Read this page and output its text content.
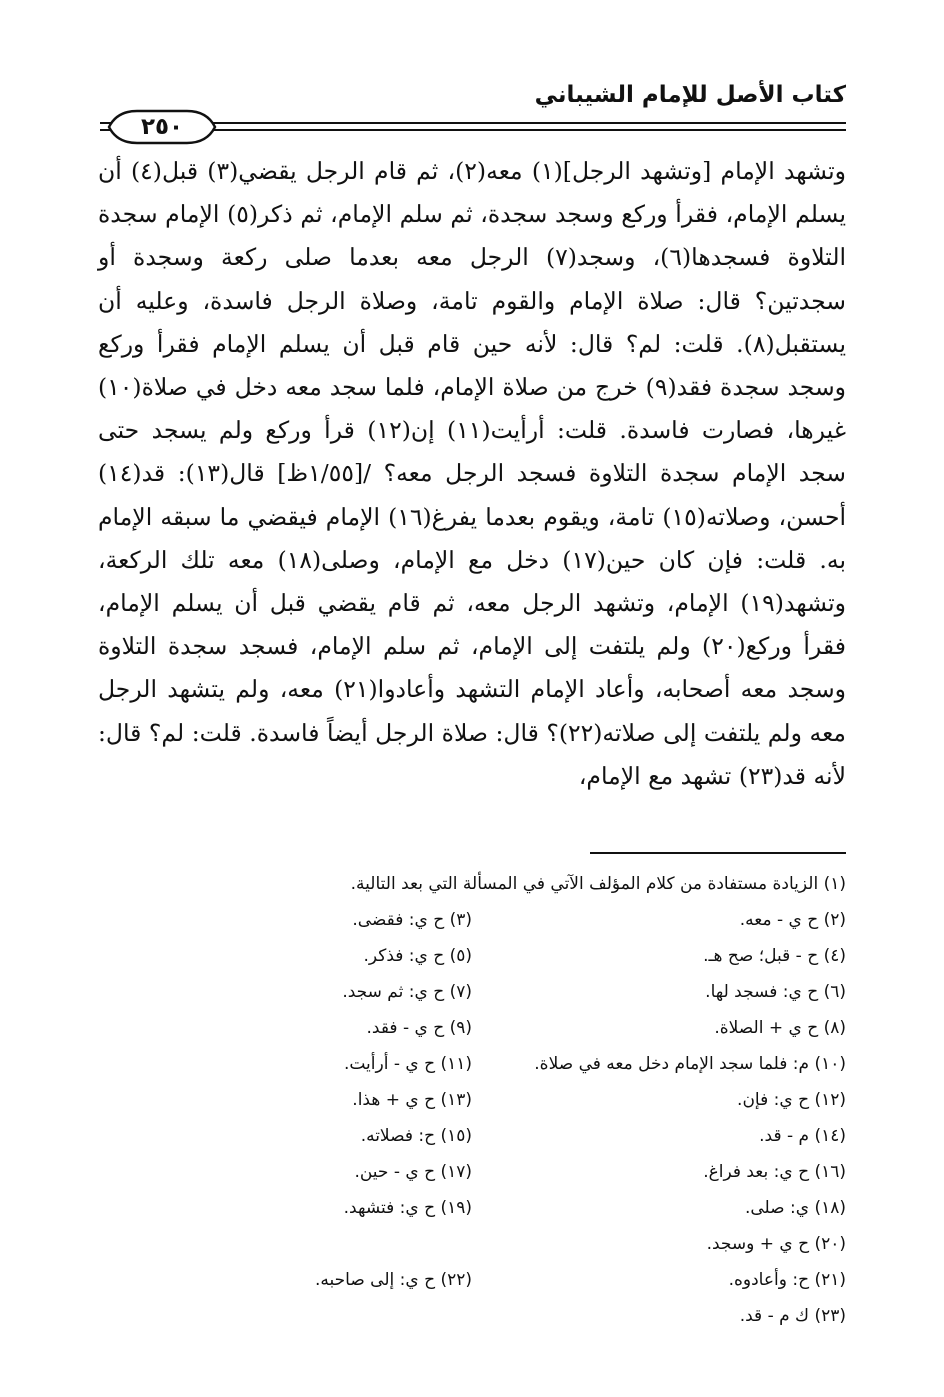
كتاب الأصل للإمام الشيباني
٢٥٠

وتشهد الإمام [وتشهد الرجل](١) معه(٢)، ثم قام الرجل يقضي(٣) قبل(٤) أن يسلم الإمام، فقرأ وركع وسجد سجدة، ثم سلم الإمام، ثم ذكر(٥) الإمام سجدة التلاوة فسجدها(٦)، وسجد(٧) الرجل معه بعدما صلى ركعة وسجدة أو سجدتين؟ قال: صلاة الإمام والقوم تامة، وصلاة الرجل فاسدة، وعليه أن يستقبل(٨). قلت: لم؟ قال: لأنه حين قام قبل أن يسلم الإمام فقرأ وركع وسجد سجدة فقد(٩) خرج من صلاة الإمام، فلما سجد معه دخل في صلاة(١٠) غيرها، فصارت فاسدة. قلت: أرأيت(١١) إن(١٢) قرأ وركع ولم يسجد حتى سجد الإمام سجدة التلاوة فسجد الرجل معه؟ /[١/٥٥ظ] قال(١٣): قد(١٤) أحسن، وصلاته(١٥) تامة، ويقوم بعدما يفرغ(١٦) الإمام فيقضي ما سبقه الإمام به. قلت: فإن كان حين(١٧) دخل مع الإمام، وصلى(١٨) معه تلك الركعة، وتشهد(١٩) الإمام، وتشهد الرجل معه، ثم قام يقضي قبل أن يسلم الإمام، فقرأ وركع(٢٠) ولم يلتفت إلى الإمام، ثم سلم الإمام، فسجد سجدة التلاوة وسجد معه أصحابه، وأعاد الإمام التشهد وأعادوا(٢١) معه، ولم يتشهد الرجل معه ولم يلتفت إلى صلاته(٢٢)؟ قال: صلاة الرجل أيضاً فاسدة. قلت: لم؟ قال: لأنه قد(٢٣) تشهد مع الإمام،

(١) الزيادة مستفادة من كلام المؤلف الآتي في المسألة التي بعد التالية.
(٢) ح ي - معه.
(٣) ح ي: فقضى.
(٤) ح - قبل؛ صح هـ.
(٥) ح ي: فذكر.
(٦) ح ي: فسجد لها.
(٧) ح ي: ثم سجد.
(٨) ح ي + الصلاة.
(٩) ح ي - فقد.
(١٠) م: فلما سجد الإمام دخل معه في صلاة.
(١١) ح ي - أرأيت.
(١٢) ح ي: فإن.
(١٣) ح ي + هذا.
(١٤) م - قد.
(١٥) ح: فصلاته.
(١٦) ح ي: بعد فراغ.
(١٧) ح ي - حين.
(١٨) ي: صلى.
(١٩) ح ي: فتشهد.
(٢٠) ح ي + وسجد.
(٢١) ح: وأعادوه.
(٢٢) ح ي: إلى صاحبه.
(٢٣) ك م - قد.
